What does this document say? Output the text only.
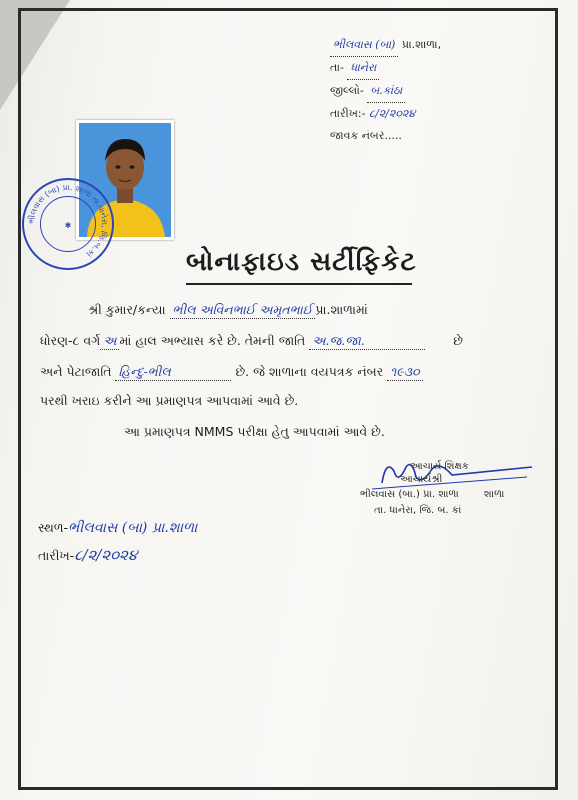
ભીલવાસ (બા) પ્રા.શાળા,
તા- ધાનેરા
જીલ્લો- બ.કાંઠા
તારીખ:- ૮/૨/૨૦૨૪
જાવક નંબર.....
ભીલવાસ (બા) પ્રા. શાળા તા.ધાનેરા, જિ.બ.કાં
✱
બોનાફાઇડ સર્ટીફિકેટ
શ્રી કુમાર/કન્યા ભીલ અવિનભાઈ અમૃતભાઈ પ્રા.શાળામાં
ધોરણ-૮ વર્ગ અ માં હાલ અભ્યાસ કરે છે. તેમની જાતિ અ.જ.જા.	છે
અને પેટાજાતિ હિન્દુ-ભીલ	છે. જે શાળાના વયપત્રક નંબર ૧૯૩૦
પરથી ખરાઇ કરીને આ પ્રમાણપત્ર આપવામાં આવે છે.
આ પ્રમાણપત્ર NMMS પરીક્ષા હેતુ આપવામાં આવે છે.
આચાર્ય શિક્ષક
આચાર્યશ્રી
ભીલવાસ (બા.) પ્રા. શાળા	શાળા
તા. ધાનેરા, જિ. બ. કાં
સ્થળ-ભીલવાસ (બા) પ્રા.શાળા
તારીખ-૮/૨/૨૦૨૪
